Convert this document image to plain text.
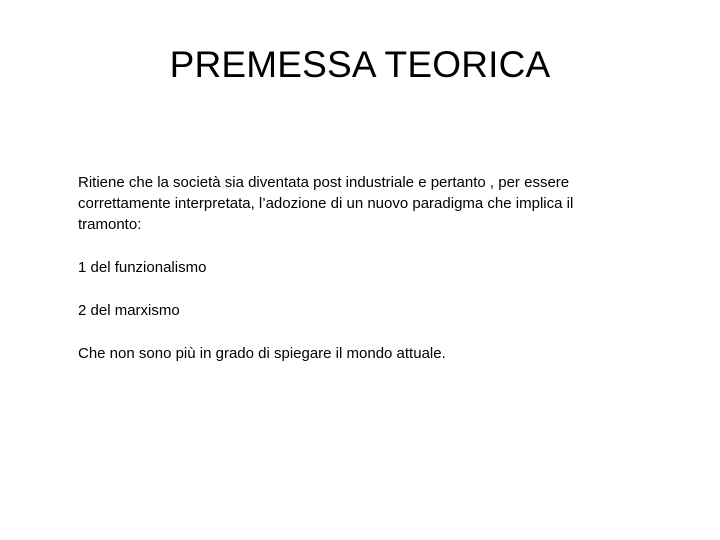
PREMESSA TEORICA

Ritiene che la società sia diventata post industriale e pertanto , per essere correttamente interpretata, l’adozione di un nuovo paradigma che implica il tramonto:

1 del funzionalismo

2 del marxismo

Che non sono più in grado di spiegare il mondo attuale.
